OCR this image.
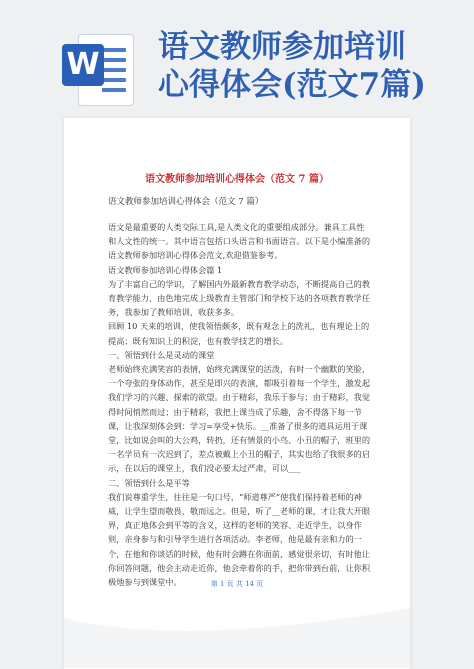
W 语文教师参加培训
心得体会(范文7篇)
语文教师参加培训心得体会（范文 7 篇）
语文教师参加培训心得体会（范文 7 篇）

语文是最重要的人类交际工具,是人类文化的重要组成部分。兼具工具性和人文性的统一。其中语言包括口头语言和书面语言。以下是小编准备的语文教师参加培训心得体会范文,欢迎借鉴参考。

语文教师参加培训心得体会篇 1

为了丰富自己的学识，了解国内外最新教育教学动态，不断提高自己的教育教学能力，由色地完成上级教育主管部门和学校下达的各项教育教学任务，我参加了教师培训，收获多多。

回顾 10 天来的培训，使我领悟颇多，既有观念上的洗礼，也有理论上的提高；既有知识上的积淀，也有教学技艺的增长。

一、领悟到什么是灵动的课堂

老师始终充满笑容的表情，始终充满课堂的活泼，有时一个幽默的笑脸，一个夸张的身体动作，甚至是即兴的表演，都吸引着每一个学生，激发起我们学习的兴趣、探索的欲望。由于精彩，我乐于参与；由于精彩，我觉得时间悄然而过；由于精彩，我把上课当成了乐趣，舍不得落下每一节课，让我深刻体会到：学习=享受+快乐。__准备了很多的道具运用于课堂，比如说会叫的大公鸡，转扔，还有情景的小鸟、小丑的帽子，班里的一名学员有一次迟到了，差点被戴上小丑的帽子，其实也给了我很多的启示，在以后的课堂上，我们没必要太过严肃，可以___

二、领悟到什么是平等

我们说尊重学生，往往是一句口号，“师道尊严”使我们保持着老师的神威，让学生望而敬畏，敬而远之。但是，听了__老师的课，才让我大开眼界，真正地体会到平等的含义，这样的老师的笑容、走近学生，以身作则，亲身参与和引导学生进行各项活动。李老师，他是最有亲和力的一个，在他和你谈话的时候，他有时会蹲在你面前，感觉很亲切，有时他让你回答问题，他会主动走近你，他会牵着你的手，把你带到台前，让你积极地参与到课堂中。	第 1 页 共 14 页
